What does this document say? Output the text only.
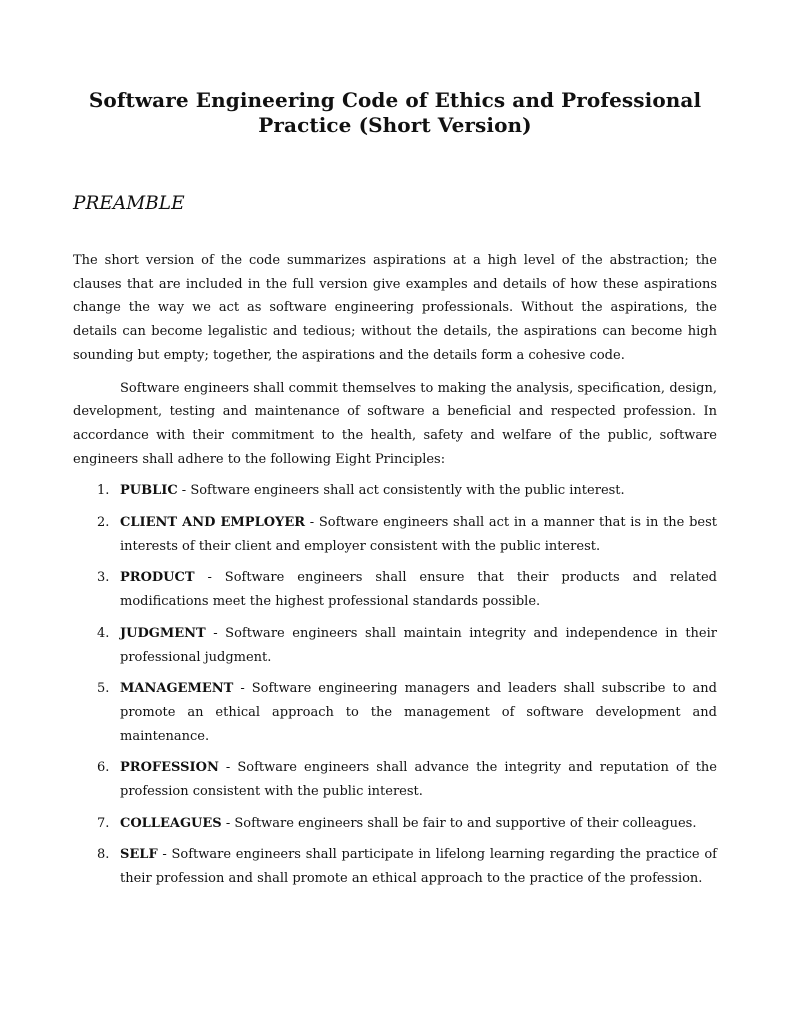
Software Engineering Code of Ethics and Professional
Practice (Short Version)
PREAMBLE

The short version of the code summarizes aspirations at a high level of the abstraction; the clauses that are included in the full version give examples and details of how these aspirations change the way we act as software engineering professionals. Without the aspirations, the details can become legalistic and tedious; without the details, the aspirations can become high sounding but empty; together, the aspirations and the details form a cohesive code.

Software engineers shall commit themselves to making the analysis, specification, design, development, testing and maintenance of software a beneficial and respected profession. In accordance with their commitment to the health, safety and welfare of the public, software engineers shall adhere to the following Eight Principles:

1. PUBLIC - Software engineers shall act consistently with the public interest.
2. CLIENT AND EMPLOYER - Software engineers shall act in a manner that is in the best interests of their client and employer consistent with the public interest.
3. PRODUCT - Software engineers shall ensure that their products and related modifications meet the highest professional standards possible.
4. JUDGMENT - Software engineers shall maintain integrity and independence in their professional judgment.
5. MANAGEMENT - Software engineering managers and leaders shall subscribe to and promote an ethical approach to the management of software development and maintenance.
6. PROFESSION - Software engineers shall advance the integrity and reputation of the profession consistent with the public interest.
7. COLLEAGUES - Software engineers shall be fair to and supportive of their colleagues.
8. SELF - Software engineers shall participate in lifelong learning regarding the practice of their profession and shall promote an ethical approach to the practice of the profession.
